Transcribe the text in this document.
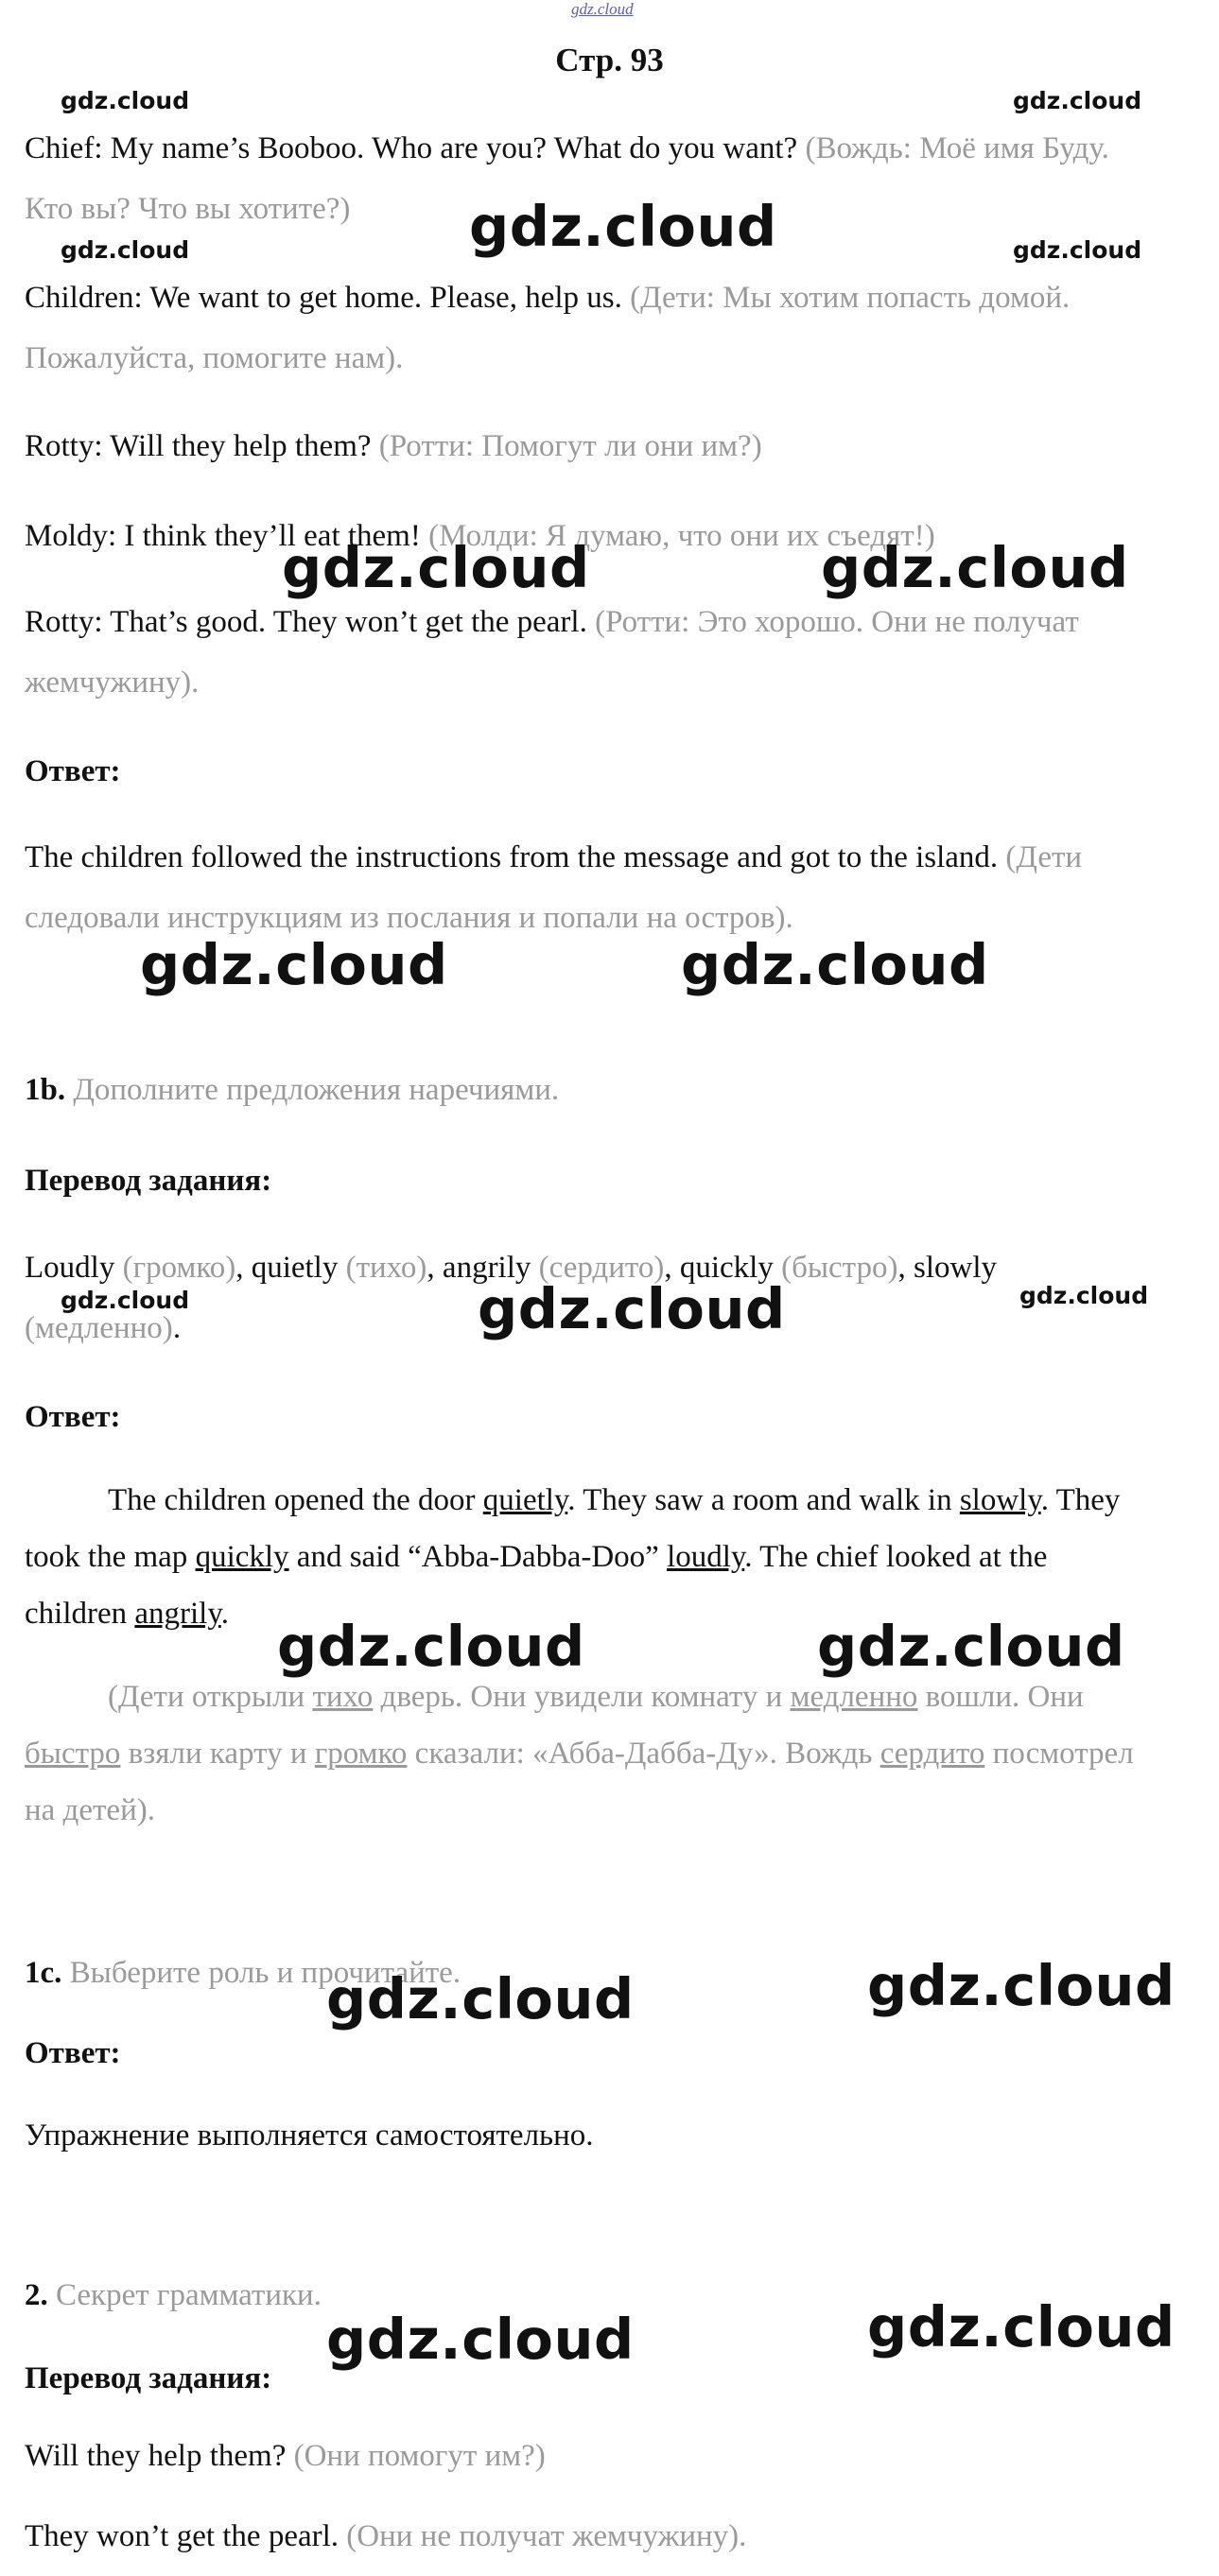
gdz.cloud
Стр. 93
Chief: My name’s Booboo. Who are you? What do you want? (Вождь: Моё имя Буду. Кто вы? Что вы хотите?)
Children: We want to get home. Please, help us. (Дети: Мы хотим попасть домой. Пожалуйста, помогите нам).
Rotty: Will they help them? (Ротти: Помогут ли они им?)
Moldy: I think they’ll eat them! (Молди: Я думаю, что они их съедят!)
Rotty: That’s good. They won’t get the pearl. (Ротти: Это хорошо. Они не получат жемчужину).
Ответ:
The children followed the instructions from the message and got to the island. (Дети следовали инструкциям из послания и попали на остров).
1b. Дополните предложения наречиями.
Перевод задания:
Loudly (громко), quietly (тихо), angrily (сердито), quickly (быстро), slowly (медленно).
Ответ:
The children opened the door quietly. They saw a room and walk in slowly. They took the map quickly and said “Abba-Dabba-Doo” loudly. The chief looked at the children angrily.
(Дети открыли тихо дверь. Они увидели комнату и медленно вошли. Они быстро взяли карту и громко сказали: «Абба-Дабба-Ду». Вождь сердито посмотрел на детей).
1c. Выберите роль и прочитайте.
Ответ:
Упражнение выполняется самостоятельно.
2. Секрет грамматики.
Перевод задания:
Will they help them? (Они помогут им?)
They won’t get the pearl. (Они не получат жемчужину).
gdz.cloud	gdz.cloud
gdz.cloud
gdz.cloud	gdz.cloud
gdz.cloud	gdz.cloud
gdz.cloud	gdz.cloud
gdz.cloud	gdz.cloud	gdz.cloud
gdz.cloud	gdz.cloud
gdz.cloud	gdz.cloud
gdz.cloud	gdz.cloud
